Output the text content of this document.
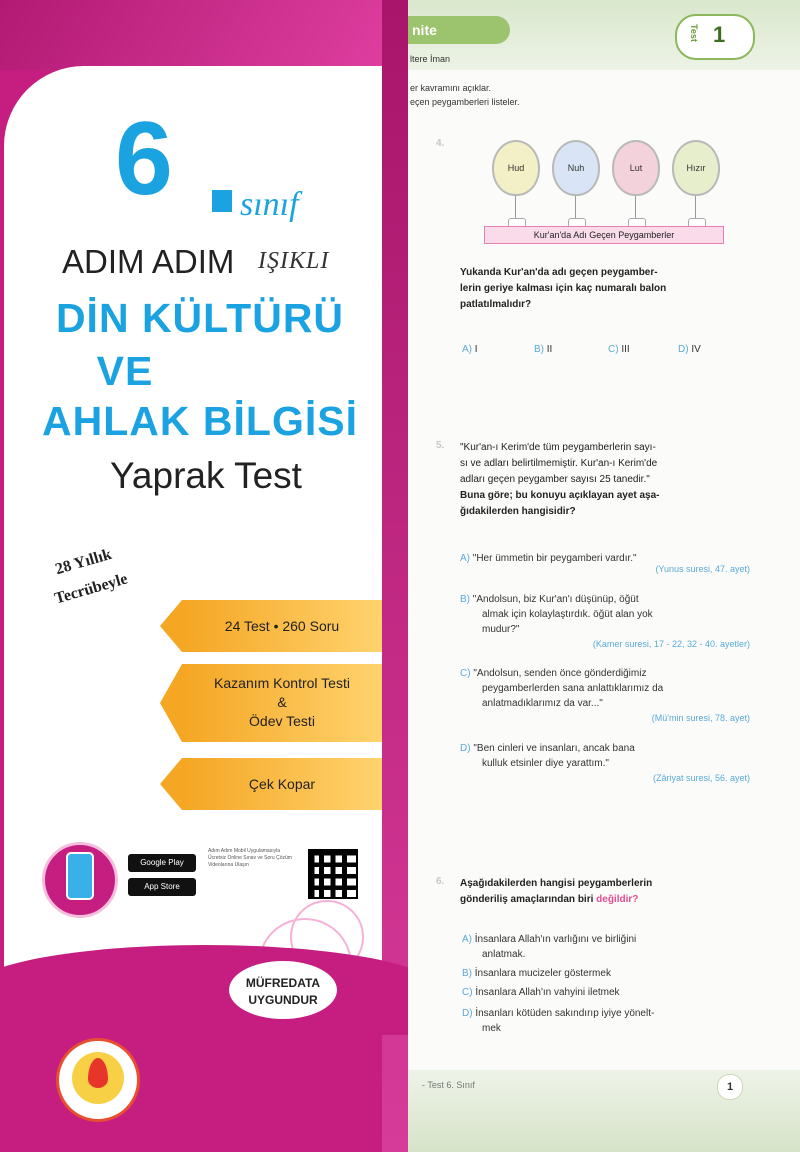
nite	Test 1
ltere İman
er kavramını açıklar.
eçen peygamberleri listeler.
4.
Hud	Nuh	Lut	Hızır
Kur'an'da Adı Geçen Peygamberler
Yukanda Kur'an'da adı geçen peygamber-
lerin geriye kalması için kaç numaralı balon
patlatılmalıdır?
A) I	B) II	C) III	D) IV
5. "Kur'an-ı Kerim'de tüm peygamberlerin sayı-
sı ve adları belirtilmemiştir. Kur'an-ı Kerim'de
adları geçen peygamber sayısı 25 tanedir."
Buna göre; bu konuyu açıklayan ayet aşa-
ğıdakilerden hangisidir?
A) "Her ümmetin bir peygamberi vardır."
(Yunus suresi, 47. ayet)
B) "Andolsun, biz Kur'an'ı düşünüp, öğüt
almak için kolaylaştırdık. öğüt alan yok
mudur?"
(Kamer suresi, 17 - 22, 32 - 40. ayetler)
C) "Andolsun, senden önce gönderdiğimiz
peygamberlerden sana anlattıklarımız da
anlatmadıklarımız da var..."
(Mü'min suresi, 78. ayet)
D) "Ben cinleri ve insanları, ancak bana
kulluk etsinler diye yarattım."
(Zâriyat suresi, 56. ayet)
6. Aşağıdakilerden hangisi peygamberlerin
gönderiliş amaçlarından biri değildir?
A) İnsanlara Allah'ın varlığını ve birliğini
anlatmak.
B) İnsanlara mucizeler göstermek
C) İnsanlara Allah'ın vahyini iletmek
D) İnsanları kötüden sakındırıp iyiye yönelt-
mek
- Test 6. Sınıf	1
6 sınıf
ADIM ADIM IŞIKLI
DİN KÜLTÜRÜ
VE
AHLAK BİLGİSİ
Yaprak Test
28 Yıllık
Tecrübeyle
24 Test • 260 Soru
Kazanım Kontrol Testi
&
Ödev Testi
Çek Kopar
Google Play
App Store
Adım Adım Mobil Uygulamasıyla Ücretsiz Online Sınav ve Soru Çözüm Videolarına Ulaşın
MÜFREDATA
UYGUNDUR
